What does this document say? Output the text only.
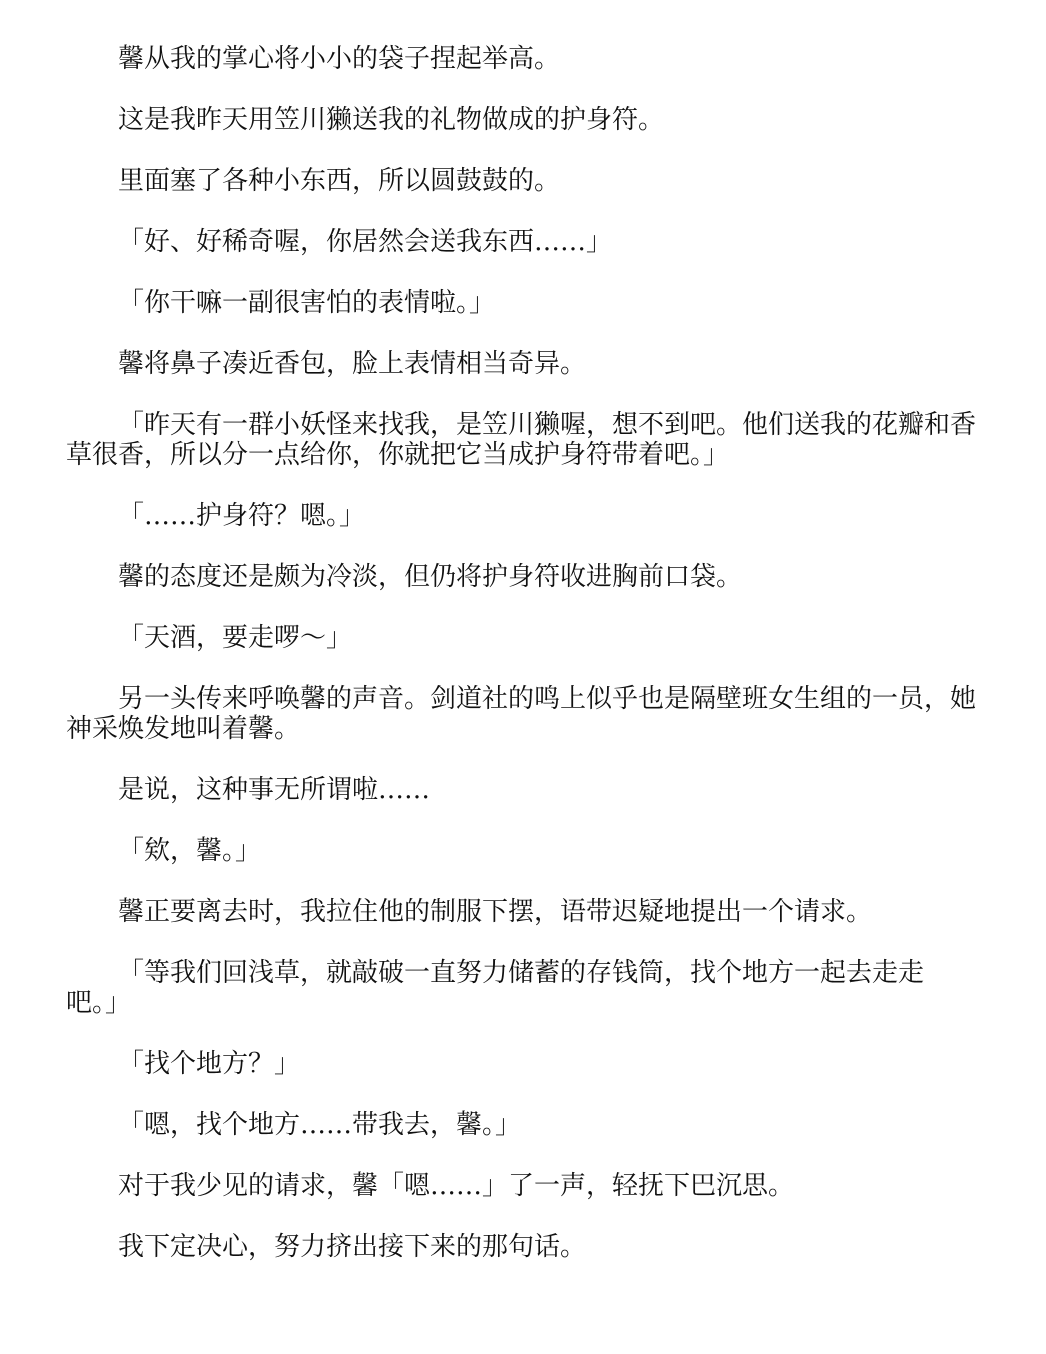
馨从我的掌心将小小的袋子捏起举高。

这是我昨天用笠川獭送我的礼物做成的护身符。

里面塞了各种小东西，所以圆鼓鼓的。

「好、好稀奇喔，你居然会送我东西……」

「你干嘛一副很害怕的表情啦。」

馨将鼻子凑近香包，脸上表情相当奇异。

「昨天有一群小妖怪来找我，是笠川獭喔，想不到吧。他们送我的花瓣和香草很香，所以分一点给你，你就把它当成护身符带着吧。」

「……护身符？嗯。」

馨的态度还是颇为冷淡，但仍将护身符收进胸前口袋。

「天酒，要走啰～」

另一头传来呼唤馨的声音。剑道社的鸣上似乎也是隔壁班女生组的一员，她神采焕发地叫着馨。

是说，这种事无所谓啦……

「欸，馨。」

馨正要离去时，我拉住他的制服下摆，语带迟疑地提出一个请求。

「等我们回浅草，就敲破一直努力储蓄的存钱筒，找个地方一起去走走吧。」

「找个地方？」

「嗯，找个地方……带我去，馨。」

对于我少见的请求，馨「嗯……」了一声，轻抚下巴沉思。

我下定决心，努力挤出接下来的那句话。
